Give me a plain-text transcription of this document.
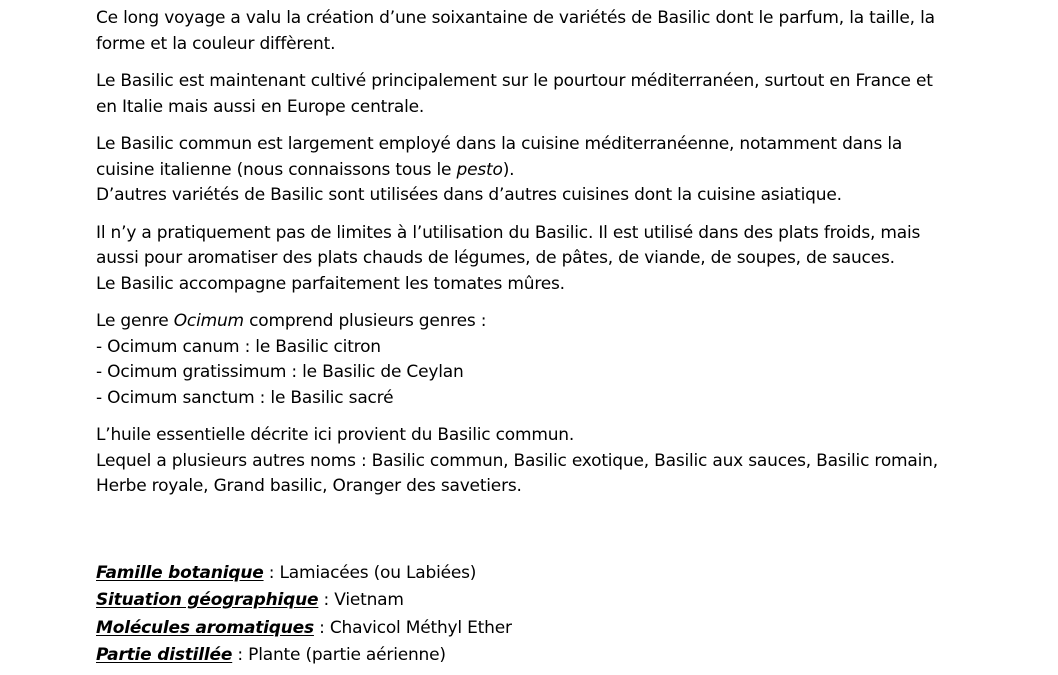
Ce long voyage a valu la création d’une soixantaine de variétés de Basilic dont le parfum, la taille, la
forme et la couleur diffèrent.

Le Basilic est maintenant cultivé principalement sur le pourtour méditerranéen, surtout en France et
en Italie mais aussi en Europe centrale.

Le Basilic commun est largement employé dans la cuisine méditerranéenne, notamment dans la
cuisine italienne (nous connaissons tous le pesto).
D’autres variétés de Basilic sont utilisées dans d’autres cuisines dont la cuisine asiatique.

Il n’y a pratiquement pas de limites à l’utilisation du Basilic. Il est utilisé dans des plats froids, mais
aussi pour aromatiser des plats chauds de légumes, de pâtes, de viande, de soupes, de sauces.
Le Basilic accompagne parfaitement les tomates mûres.

Le genre Ocimum comprend plusieurs genres :
- Ocimum canum : le Basilic citron
- Ocimum gratissimum : le Basilic de Ceylan
- Ocimum sanctum : le Basilic sacré

L’huile essentielle décrite ici provient du Basilic commun.
Lequel a plusieurs autres noms : Basilic commun, Basilic exotique, Basilic aux sauces, Basilic romain,
Herbe royale, Grand basilic, Oranger des savetiers.

Famille botanique : Lamiacées (ou Labiées)
Situation géographique : Vietnam
Molécules aromatiques : Chavicol Méthyl Ether
Partie distillée : Plante (partie aérienne)
